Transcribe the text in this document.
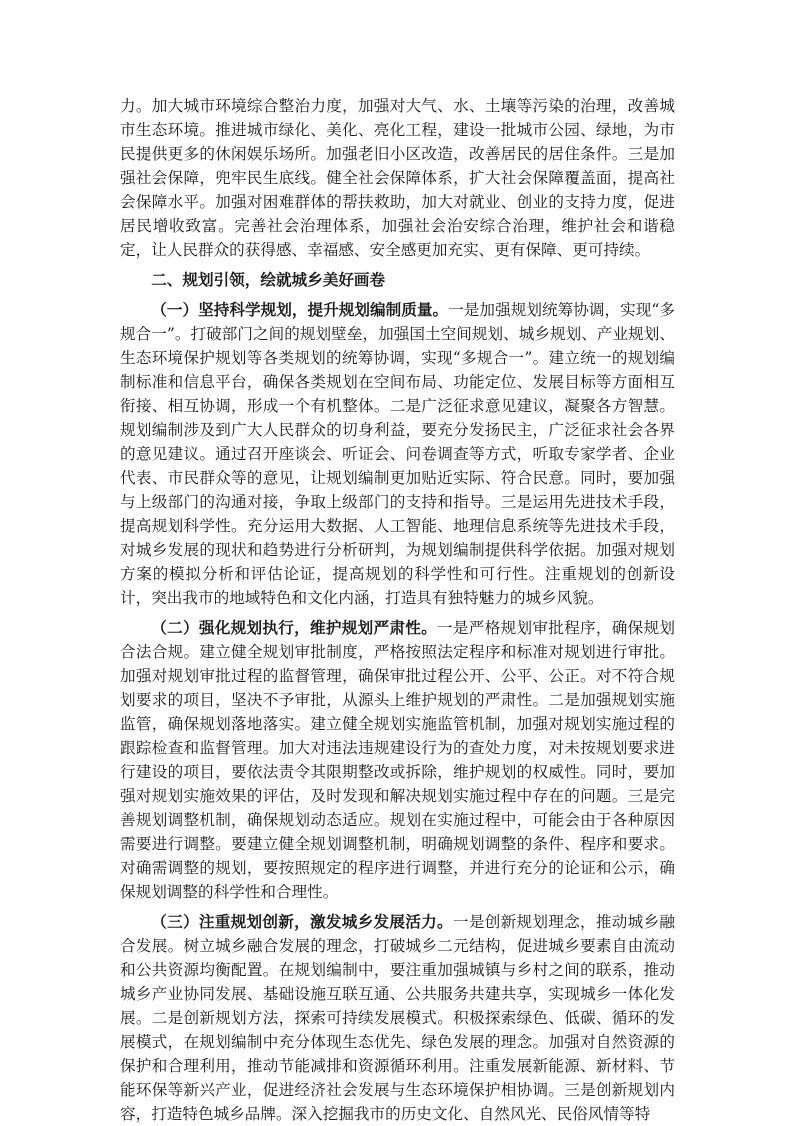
力。加大城市环境综合整治力度，加强对大气、水、土壤等污染的治理，改善城市生态环境。推进城市绿化、美化、亮化工程，建设一批城市公园、绿地，为市民提供更多的休闲娱乐场所。加强老旧小区改造，改善居民的居住条件。三是加强社会保障，兜牢民生底线。健全社会保障体系，扩大社会保障覆盖面，提高社会保障水平。加强对困难群体的帮扶救助，加大对就业、创业的支持力度，促进居民增收致富。完善社会治理体系，加强社会治安综合治理，维护社会和谐稳定，让人民群众的获得感、幸福感、安全感更加充实、更有保障、更可持续。

二、规划引领，绘就城乡美好画卷

（一）坚持科学规划，提升规划编制质量。一是加强规划统筹协调，实现“多规合一”。打破部门之间的规划壁垒，加强国土空间规划、城乡规划、产业规划、生态环境保护规划等各类规划的统筹协调，实现“多规合一”。建立统一的规划编制标准和信息平台，确保各类规划在空间布局、功能定位、发展目标等方面相互衔接、相互协调，形成一个有机整体。二是广泛征求意见建议，凝聚各方智慧。规划编制涉及到广大人民群众的切身利益，要充分发扬民主，广泛征求社会各界的意见建议。通过召开座谈会、听证会、问卷调查等方式，听取专家学者、企业代表、市民群众等的意见，让规划编制更加贴近实际、符合民意。同时，要加强与上级部门的沟通对接，争取上级部门的支持和指导。三是运用先进技术手段，提高规划科学性。充分运用大数据、人工智能、地理信息系统等先进技术手段，对城乡发展的现状和趋势进行分析研判，为规划编制提供科学依据。加强对规划方案的模拟分析和评估论证，提高规划的科学性和可行性。注重规划的创新设计，突出我市的地域特色和文化内涵，打造具有独特魅力的城乡风貌。

（二）强化规划执行，维护规划严肃性。一是严格规划审批程序，确保规划合法合规。建立健全规划审批制度，严格按照法定程序和标准对规划进行审批。加强对规划审批过程的监督管理，确保审批过程公开、公平、公正。对不符合规划要求的项目，坚决不予审批，从源头上维护规划的严肃性。二是加强规划实施监管，确保规划落地落实。建立健全规划实施监管机制，加强对规划实施过程的跟踪检查和监督管理。加大对违法违规建设行为的查处力度，对未按规划要求进行建设的项目，要依法责令其限期整改或拆除，维护规划的权威性。同时，要加强对规划实施效果的评估，及时发现和解决规划实施过程中存在的问题。三是完善规划调整机制，确保规划动态适应。规划在实施过程中，可能会由于各种原因需要进行调整。要建立健全规划调整机制，明确规划调整的条件、程序和要求。对确需调整的规划，要按照规定的程序进行调整，并进行充分的论证和公示，确保规划调整的科学性和合理性。

（三）注重规划创新，激发城乡发展活力。一是创新规划理念，推动城乡融合发展。树立城乡融合发展的理念，打破城乡二元结构，促进城乡要素自由流动和公共资源均衡配置。在规划编制中，要注重加强城镇与乡村之间的联系，推动城乡产业协同发展、基础设施互联互通、公共服务共建共享，实现城乡一体化发展。二是创新规划方法，探索可持续发展模式。积极探索绿色、低碳、循环的发展模式，在规划编制中充分体现生态优先、绿色发展的理念。加强对自然资源的保护和合理利用，推动节能减排和资源循环利用。注重发展新能源、新材料、节能环保等新兴产业，促进经济社会发展与生态环境保护相协调。三是创新规划内容，打造特色城乡品牌。深入挖掘我市的历史文化、自然风光、民俗风情等特
